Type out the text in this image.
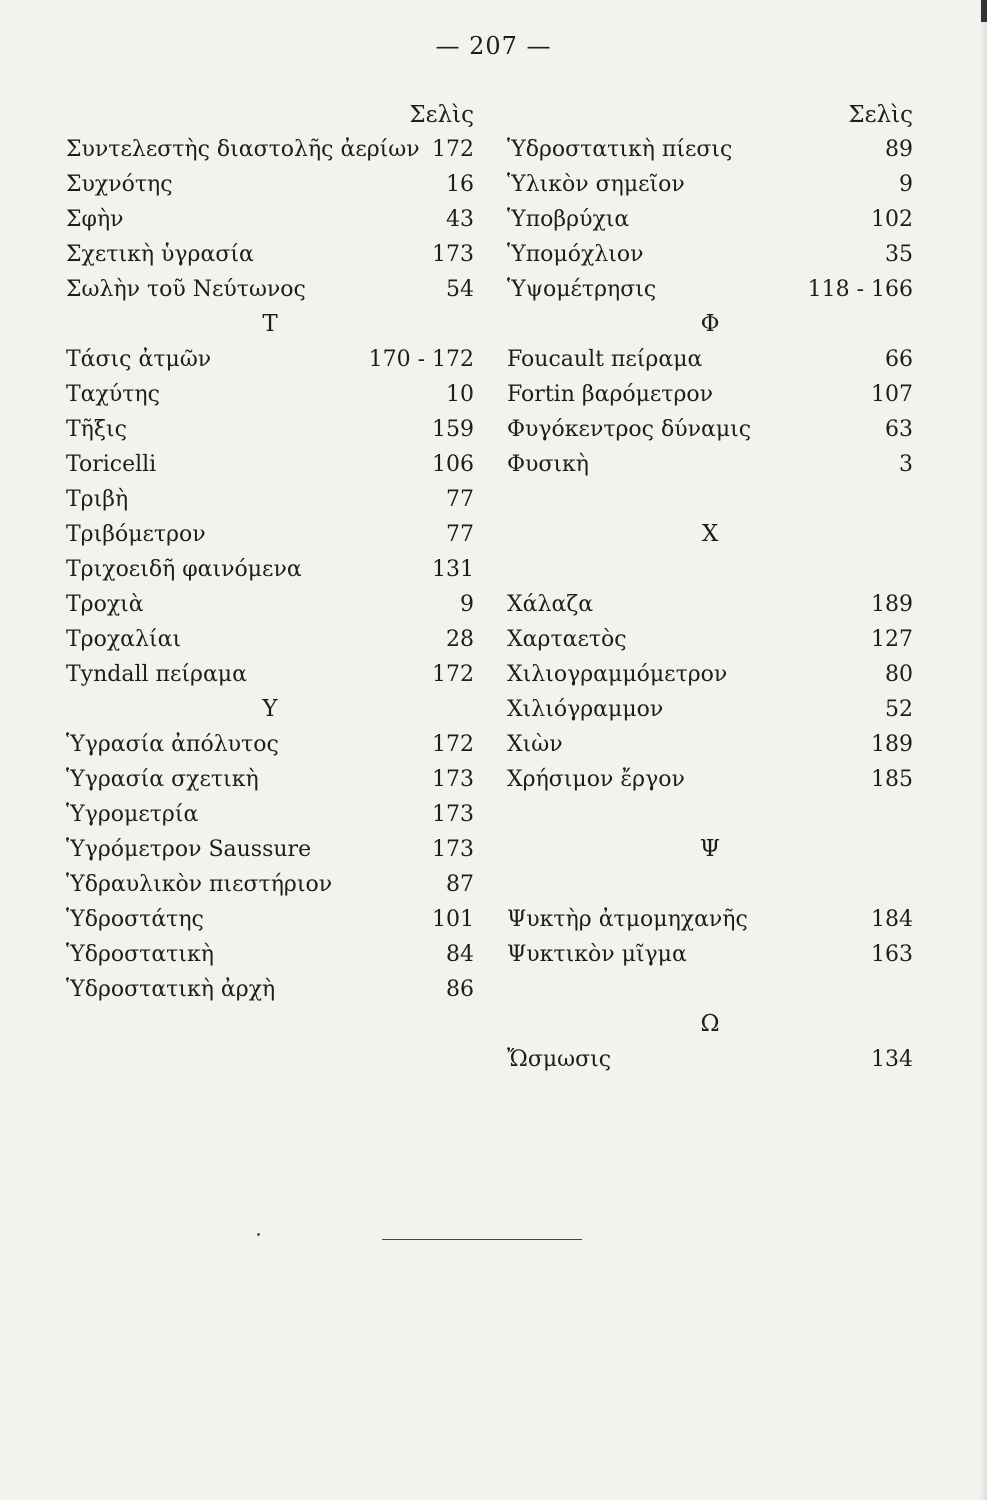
— 207 —
Σελὶς
Συντελεστὴς διαστολῆς ἀερίων 172
Συχνότης	16
Σφὴν	43
Σχετικὴ ὑγρασία	173
Σωλὴν τοῦ Νεύτωνος	54
Τ
Τάσις ἀτμῶν	170 - 172
Ταχύτης	10
Τῆξις	159
Toricelli	106
Τριβὴ	77
Τριβόμετρον	77
Τριχοειδῆ φαινόμενα	131
Τροχιὰ	9
Τροχαλίαι	28
Tyndall πείραμα	172
Υ
Ὑγρασία ἀπόλυτος	172
Ὑγρασία σχετικὴ	173
Ὑγρομετρία	173
Ὑγρόμετρον Saussure	173
Ὑδραυλικὸν πιεστήριον	87
Ὑδροστάτης	101
Ὑδροστατικὴ	84
Ὑδροστατικὴ ἀρχὴ	86
Σελὶς
Ὑδροστατικὴ πίεσις	89
Ὑλικὸν σημεῖον	9
Ὑποβρύχια	102
Ὑπομόχλιον	35
Ὑψομέτρησις	118 - 166
Φ
Foucault πείραμα	66
Fortin βαρόμετρον	107
Φυγόκεντρος δύναμις	63
Φυσικὴ	3
Χ
Χάλαζα	189
Χαρταετὸς	127
Χιλιογραμμόμετρον	80
Χιλιόγραμμον	52
Χιὼν	189
Χρήσιμον ἔργον	185
Ψ
Ψυκτὴρ ἀτμομηχανῆς	184
Ψυκτικὸν μῖγμα	163
Ω
Ὤσμωσις	134
